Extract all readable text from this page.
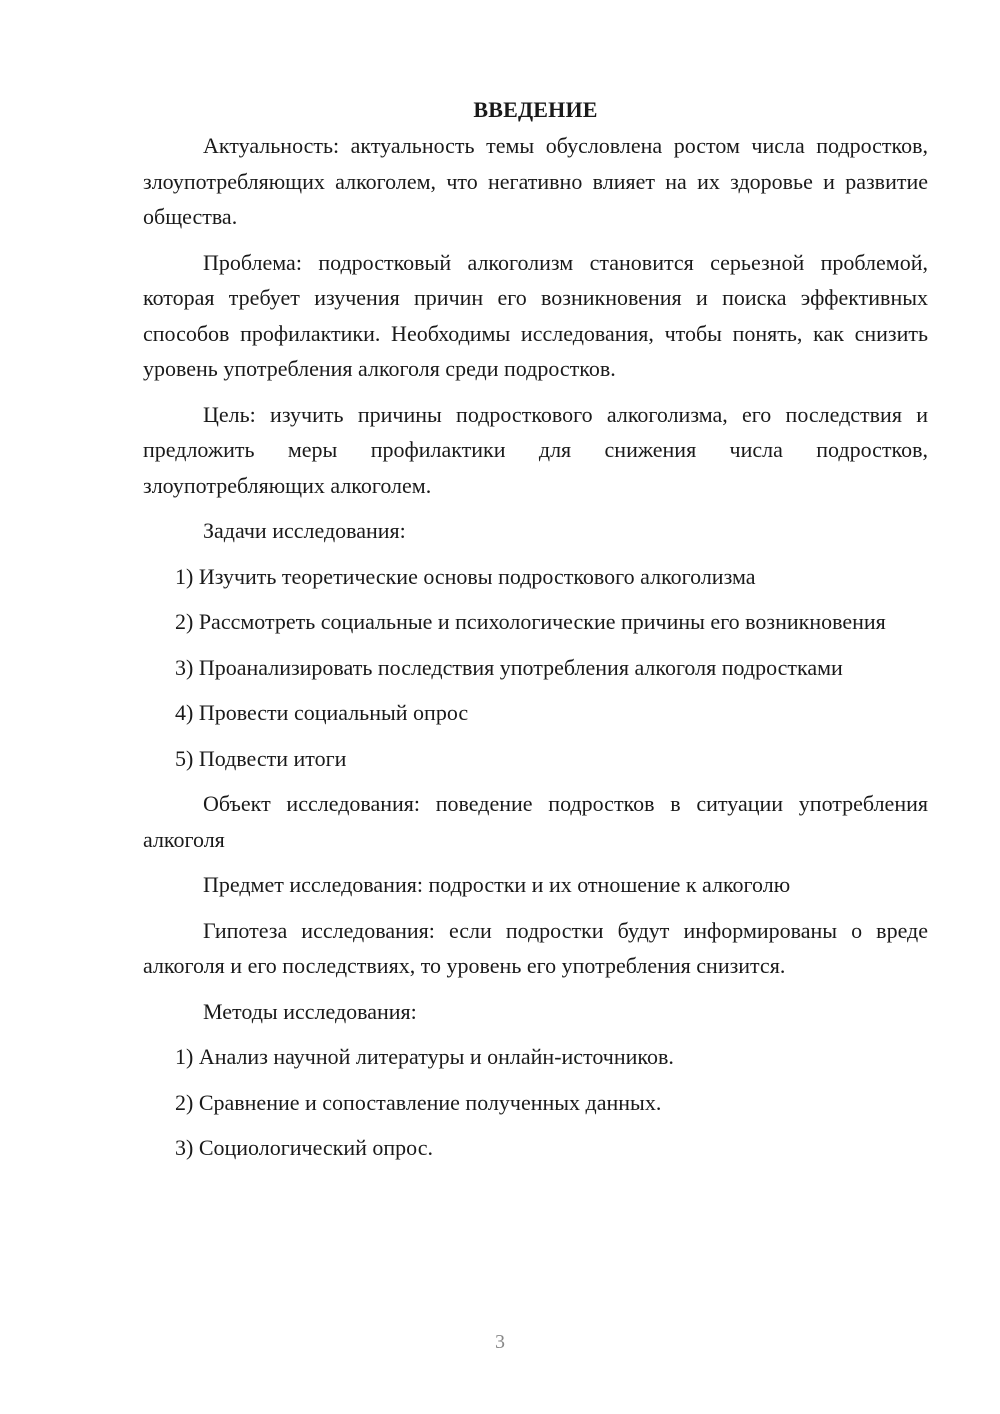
ВВЕДЕНИЕ
Актуальность: актуальность темы обусловлена ростом числа подростков, злоупотребляющих алкоголем, что негативно влияет на их здоровье и развитие общества.
Проблема: подростковый алкоголизм становится серьезной проблемой, которая требует изучения причин его возникновения и поиска эффективных способов профилактики. Необходимы исследования, чтобы понять, как снизить уровень употребления алкоголя среди подростков.
Цель: изучить причины подросткового алкоголизма, его последствия и предложить меры профилактики для снижения числа подростков, злоупотребляющих алкоголем.
Задачи исследования:
1) Изучить теоретические основы подросткового алкоголизма
2) Рассмотреть социальные и психологические причины его возникновения
3) Проанализировать последствия употребления алкоголя подростками
4) Провести социальный опрос
5) Подвести итоги
Объект исследования: поведение подростков в ситуации употребления алкоголя
Предмет исследования: подростки и их отношение к алкоголю
Гипотеза исследования: если подростки будут информированы о вреде алкоголя и его последствиях, то уровень его употребления снизится.
Методы исследования:
1) Анализ научной литературы и онлайн-источников.
2) Сравнение и сопоставление полученных данных.
3) Социологический опрос.
3
